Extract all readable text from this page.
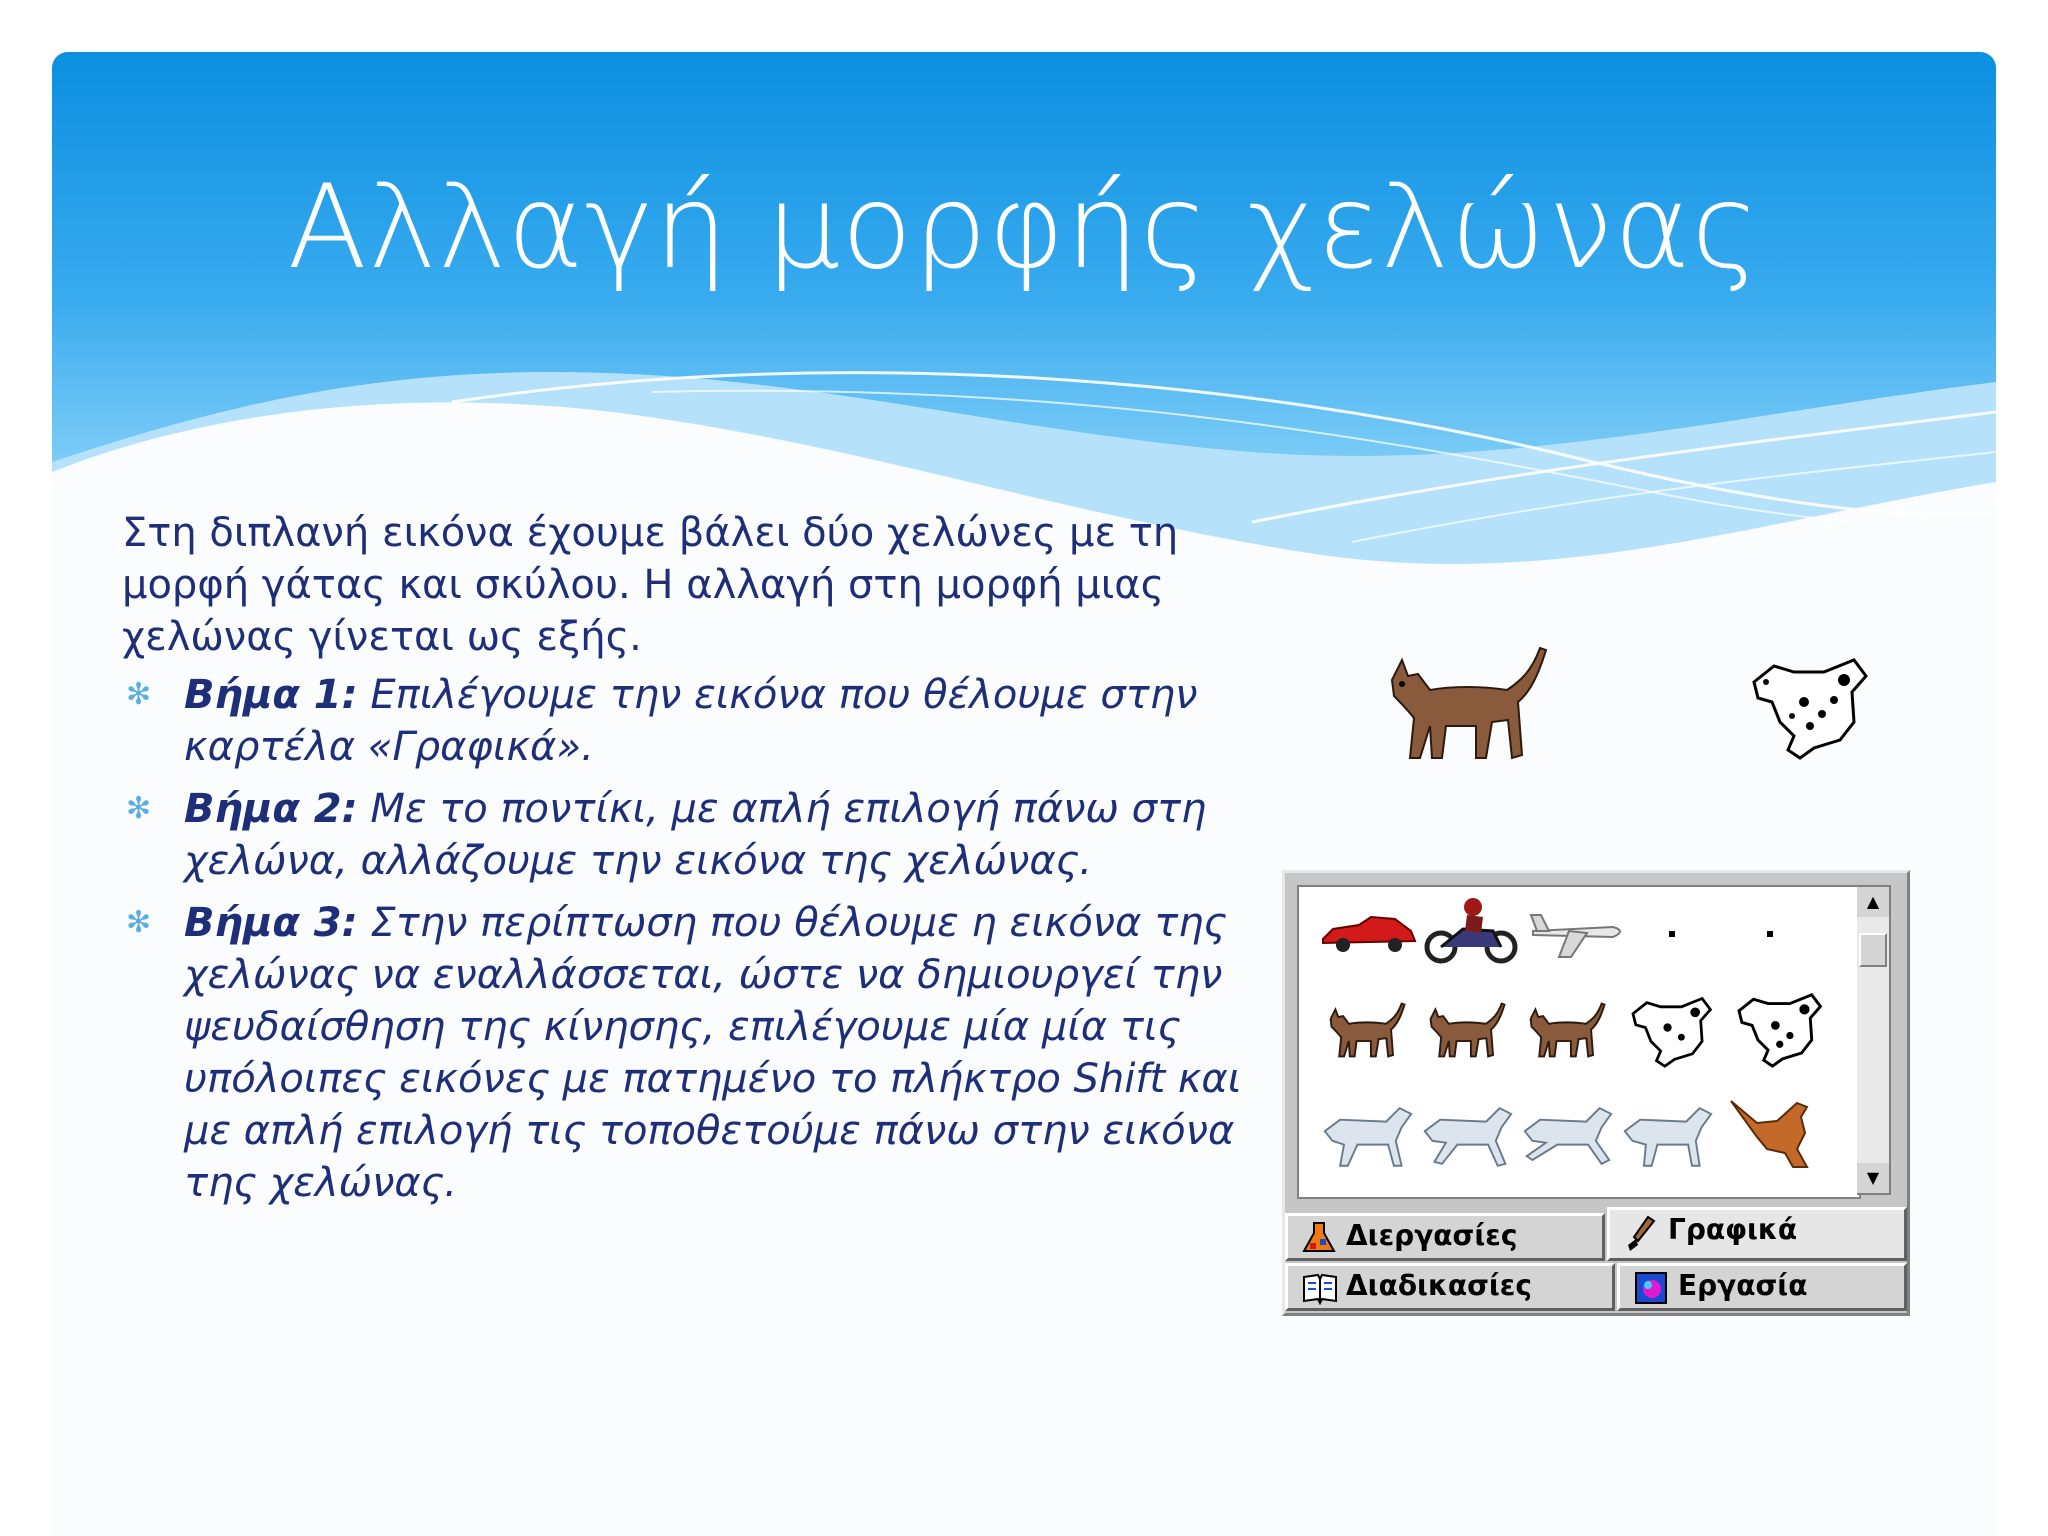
Αλλαγή μορφής χελώνας

Στη διπλανή εικόνα έχουμε βάλει δύο χελώνες με τη μορφή γάτας και σκύλου. Η αλλαγή στη μορφή μιας χελώνας γίνεται ως εξής.

✻ Βήμα 1: Επιλέγουμε την εικόνα που θέλουμε στην καρτέλα «Γραφικά».
✻ Βήμα 2: Με το ποντίκι, με απλή επιλογή πάνω στη χελώνα, αλλάζουμε την εικόνα της χελώνας.
✻ Βήμα 3: Στην περίπτωση που θέλουμε η εικόνα της χελώνας να εναλλάσσεται, ώστε να δημιουργεί την ψευδαίσθηση της κίνησης, επιλέγουμε μία μία τις υπόλοιπες εικόνες με πατημένο το πλήκτρο Shift και με απλή επιλογή τις τοποθετούμε πάνω στην εικόνα της χελώνας.
▲
▼
Διεργασίες	Γραφικά
Διαδικασίες	Εργασία
